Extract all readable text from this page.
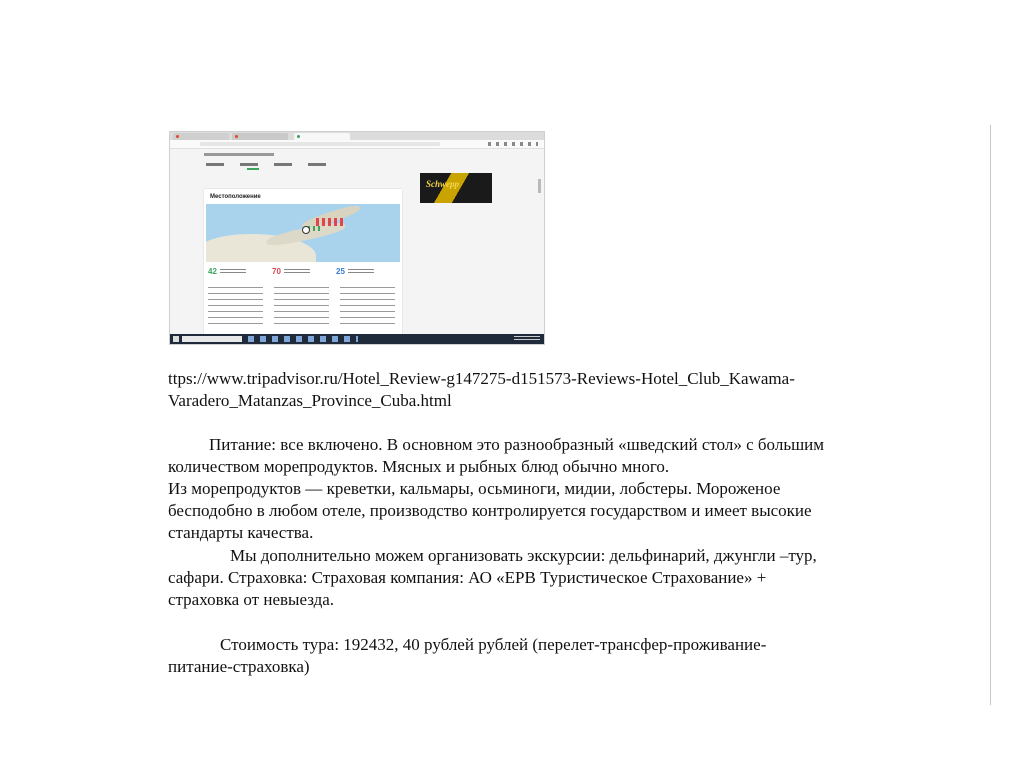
Schwepp
Местоположение
42	70	25

ttps://www.tripadvisor.ru/Hotel_Review-g147275-d151573-Reviews-Hotel_Club_Kawama-
Varadero_Matanzas_Province_Cuba.html

Питание: все включено. В основном это разнообразный «шведский стол» с большим
количеством морепродуктов. Мясных и рыбных блюд обычно много.
Из морепродуктов — креветки, кальмары, осьминоги, мидии, лобстеры. Мороженое
бесподобно в любом отеле, производство контролируется государством и имеет высокие
стандарты качества.

Мы дополнительно можем организовать экскурсии: дельфинарий, джунгли –тур,
сафари. Страховка: Страховая компания: АО «ЕРВ Туристическое Страхование» +
страховка от невыезда.

Стоимость тура: 192432, 40 рублей рублей (перелет-трансфер-проживание-
питание-страховка)
